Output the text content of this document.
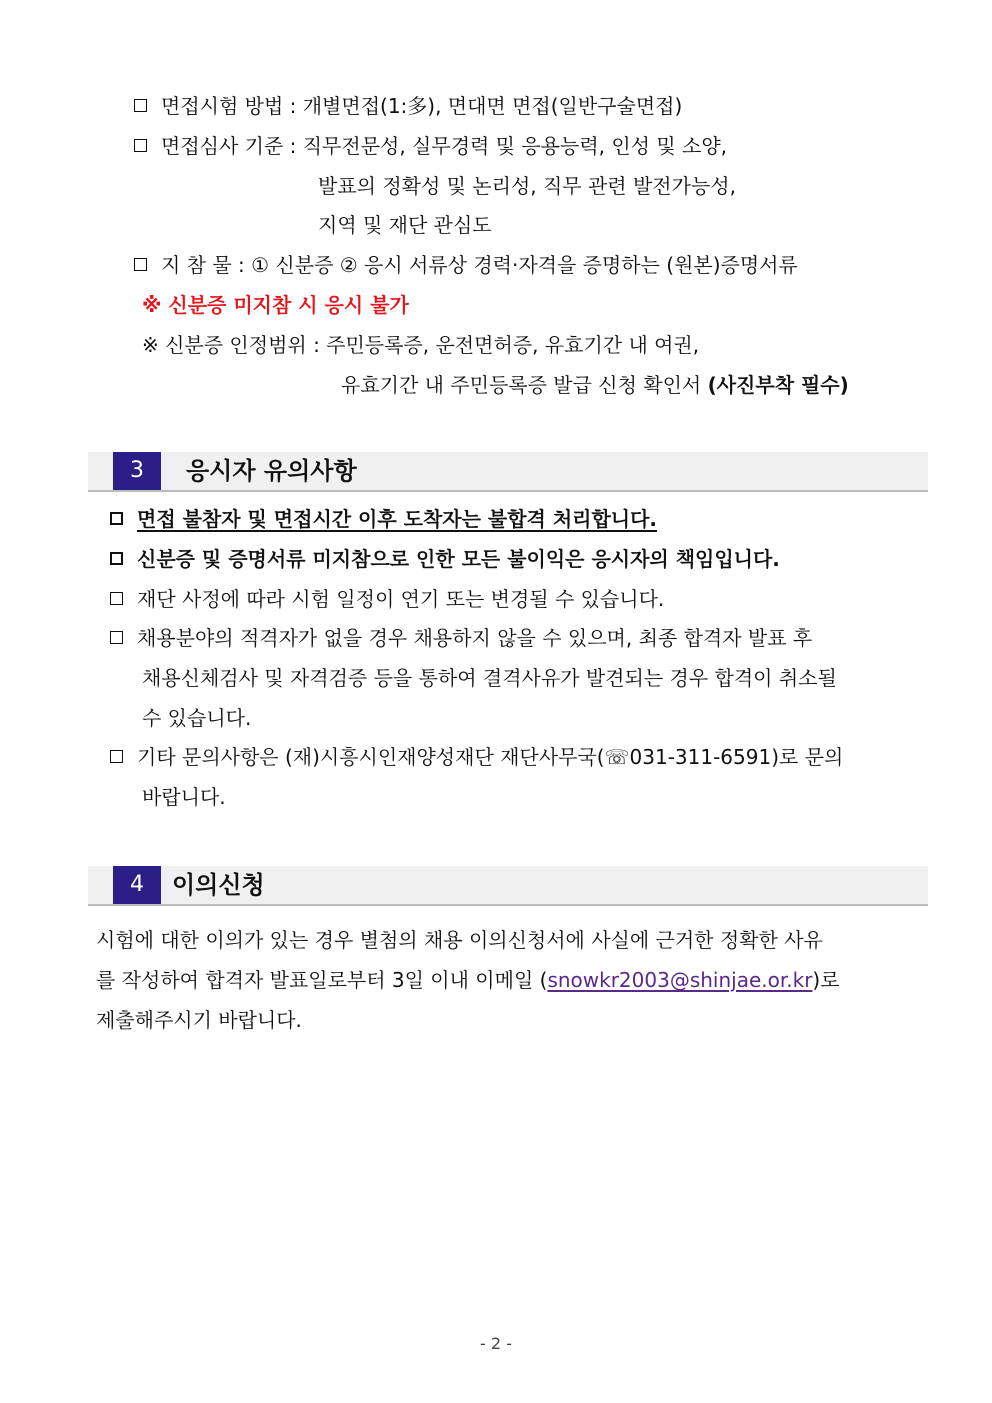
면접시험 방법 : 개별면접(1:多), 면대면 면접(일반구술면접)
면접심사 기준 : 직무전문성, 실무경력 및 응용능력, 인성 및 소양,
발표의 정확성 및 논리성, 직무 관련 발전가능성,
지역 및 재단 관심도
지 참 물 : ① 신분증 ② 응시 서류상 경력·자격을 증명하는 (원본)증명서류
※ 신분증 미지참 시 응시 불가
※ 신분증 인정범위 : 주민등록증, 운전면허증, 유효기간 내 여권,
유효기간 내 주민등록증 발급 신청 확인서 (사진부착 필수)
3	응시자 유의사항
면접 불참자 및 면접시간 이후 도착자는 불합격 처리합니다.
신분증 및 증명서류 미지참으로 인한 모든 불이익은 응시자의 책임입니다.
재단 사정에 따라 시험 일정이 연기 또는 변경될 수 있습니다.
채용분야의 적격자가 없을 경우 채용하지 않을 수 있으며, 최종 합격자 발표 후
채용신체검사 및 자격검증 등을 통하여 결격사유가 발견되는 경우 합격이 취소될
수 있습니다.
기타 문의사항은 (재)시흥시인재양성재단 재단사무국(☏031-311-6591)로 문의
바랍니다.
4	이의신청
시험에 대한 이의가 있는 경우 별첨의 채용 이의신청서에 사실에 근거한 정확한 사유
를 작성하여 합격자 발표일로부터 3일 이내 이메일 (snowkr2003@shinjae.or.kr)로
제출해주시기 바랍니다.
- 2 -
